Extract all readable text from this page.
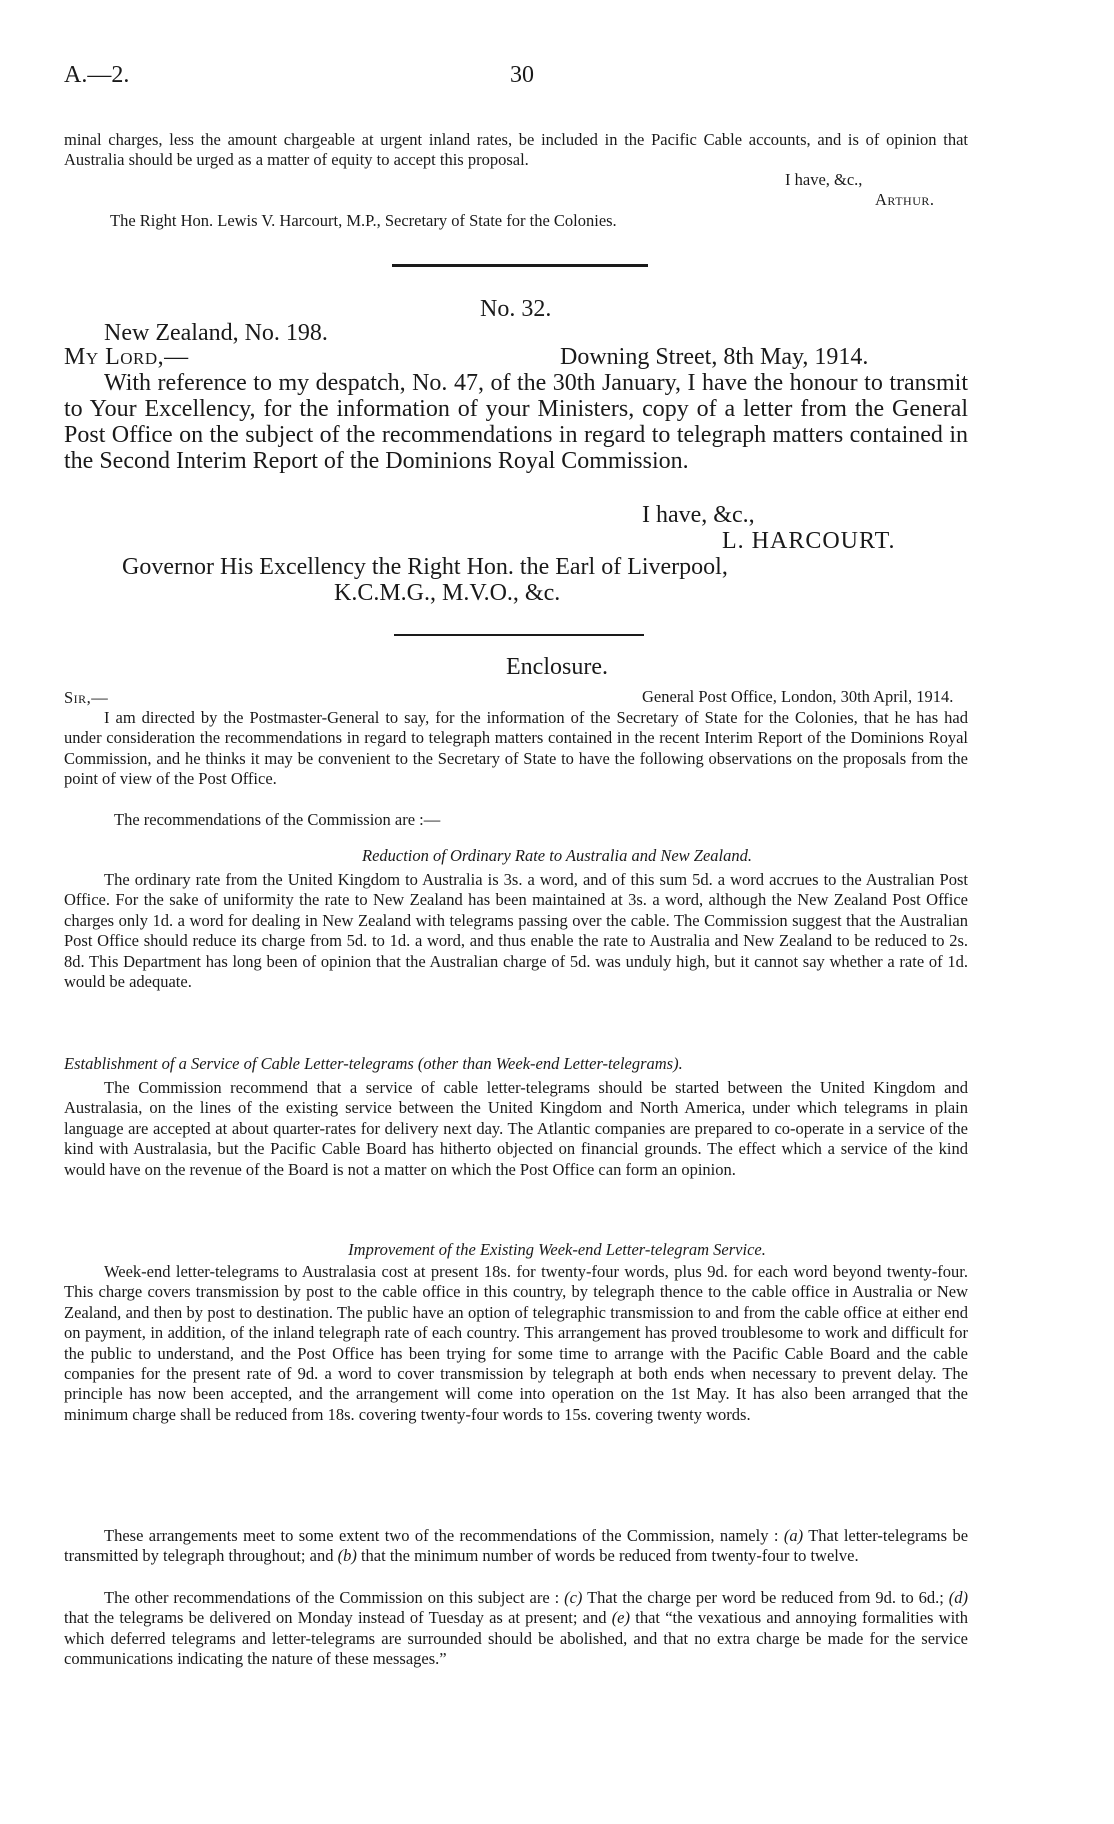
A.—2.	30

minal charges, less the amount chargeable at urgent inland rates, be included in the Pacific Cable accounts, and is of opinion that Australia should be urged as a matter of equity to accept this proposal.

I have, &c.,
Arthur.
The Right Hon. Lewis V. Harcourt, M.P., Secretary of State for the Colonies.
No. 32.
New Zealand, No. 198.
My Lord,—	Downing Street, 8th May, 1914.

With reference to my despatch, No. 47, of the 30th January, I have the honour to transmit to Your Excellency, for the information of your Ministers, copy of a letter from the General Post Office on the subject of the recommendations in regard to telegraph matters contained in the Second Interim Report of the Dominions Royal Commission.

I have, &c.,
L. HARCOURT.
Governor His Excellency the Right Hon. the Earl of Liverpool,
K.C.M.G., M.V.O., &c.
Enclosure.
Sir,—	General Post Office, London, 30th April, 1914.

I am directed by the Postmaster-General to say, for the information of the Secretary of State for the Colonies, that he has had under consideration the recommendations in regard to telegraph matters contained in the recent Interim Report of the Dominions Royal Commission, and he thinks it may be convenient to the Secretary of State to have the following observations on the proposals from the point of view of the Post Office.

The recommendations of the Commission are :—

Reduction of Ordinary Rate to Australia and New Zealand.

The ordinary rate from the United Kingdom to Australia is 3s. a word, and of this sum 5d. a word accrues to the Australian Post Office. For the sake of uniformity the rate to New Zealand has been maintained at 3s. a word, although the New Zealand Post Office charges only 1d. a word for dealing in New Zealand with telegrams passing over the cable. The Commission suggest that the Australian Post Office should reduce its charge from 5d. to 1d. a word, and thus enable the rate to Australia and New Zealand to be reduced to 2s. 8d. This Department has long been of opinion that the Australian charge of 5d. was unduly high, but it cannot say whether a rate of 1d. would be adequate.

Establishment of a Service of Cable Letter-telegrams (other than Week-end Letter-telegrams).

The Commission recommend that a service of cable letter-telegrams should be started between the United Kingdom and Australasia, on the lines of the existing service between the United Kingdom and North America, under which telegrams in plain language are accepted at about quarter-rates for delivery next day. The Atlantic companies are prepared to co-operate in a service of the kind with Australasia, but the Pacific Cable Board has hitherto objected on financial grounds. The effect which a service of the kind would have on the revenue of the Board is not a matter on which the Post Office can form an opinion.

Improvement of the Existing Week-end Letter-telegram Service.

Week-end letter-telegrams to Australasia cost at present 18s. for twenty-four words, plus 9d. for each word beyond twenty-four. This charge covers transmission by post to the cable office in this country, by telegraph thence to the cable office in Australia or New Zealand, and then by post to destination. The public have an option of telegraphic transmission to and from the cable office at either end on payment, in addition, of the inland telegraph rate of each country. This arrangement has proved troublesome to work and difficult for the public to understand, and the Post Office has been trying for some time to arrange with the Pacific Cable Board and the cable companies for the present rate of 9d. a word to cover transmission by telegraph at both ends when necessary to prevent delay. The principle has now been accepted, and the arrangement will come into operation on the 1st May. It has also been arranged that the minimum charge shall be reduced from 18s. covering twenty-four words to 15s. covering twenty words.

These arrangements meet to some extent two of the recommendations of the Commission, namely : (a) That letter-telegrams be transmitted by telegraph throughout; and (b) that the minimum number of words be reduced from twenty-four to twelve.

The other recommendations of the Commission on this subject are : (c) That the charge per word be reduced from 9d. to 6d.; (d) that the telegrams be delivered on Monday instead of Tuesday as at present; and (e) that “the vexatious and annoying formalities with which deferred telegrams and letter-telegrams are surrounded should be abolished, and that no extra charge be made for the service communications indicating the nature of these messages.”
